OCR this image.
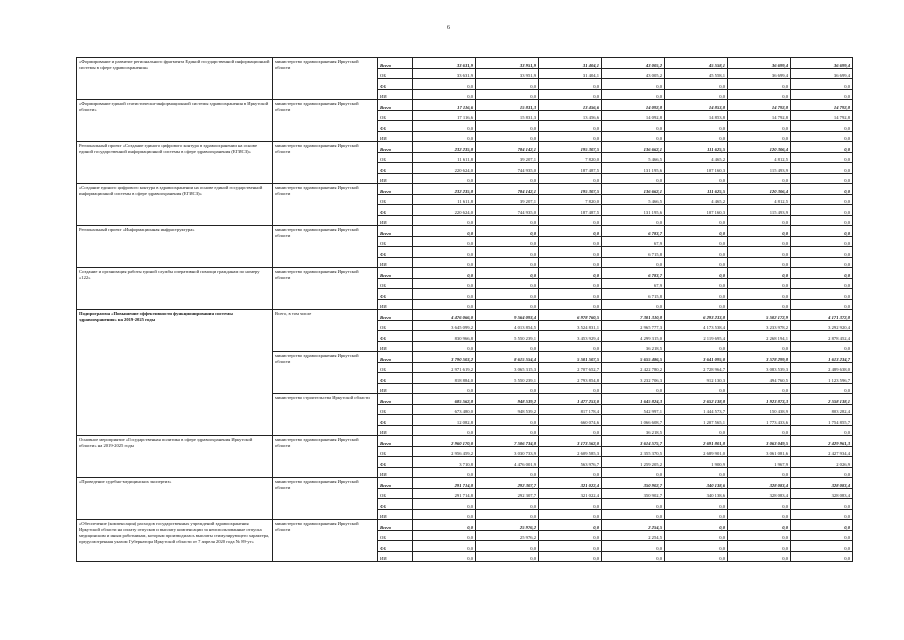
6
«Формирование и развитие регионального фрагмента Единой государственной информационной системы в сфере здравоохранения»	министерство здравоохранения Иркутской области	Всего	33 631,9	33 951,9	31 404,1	43 005,2	45 558,1	36 699,4	36 699,4
		ОБ	33 631,9	33 951,9	31 404,1	43 005,2	45 558,1	36 699,4	36 699,4
		ФБ	0,0	0,0	0,0	0,0	0,0	0,0	0,0
		ИИ	0,0	0,0	0,0	0,0	0,0	0,0	0,0
«Формирование единой статистически-информационной системы здравоохранения в Иркутской области»	министерство здравоохранения Иркутской области	Всего	17 116,6	15 831,3	13 456,6	14 092,8	14 853,8	14 792,8	14 792,8
		ОБ	17 116,6	15 831,3	13 456,6	14 092,8	14 853,8	14 792,8	14 792,8
		ФБ	0,0	0,0	0,0	0,0	0,0	0,0	0,0
		ИИ	0,0	0,0	0,0	0,0	0,0	0,0	0,0
Региональный проект «Создание единого цифрового контура в здравоохранении на основе единой государственной информационной системы в сфере здравоохранения (ЕГИСЗ)»	министерство здравоохранения Иркутской области	Всего	232 235,8	784 142,1	195 307,5	136 662,1	111 625,5	120 306,4	0,0
		ОБ	11 611,8	39 207,1	7 820,0	5 466,5	4 465,2	4 812,5	0,0
		ФБ	220 624,0	744 935,0	187 487,5	131 195,6	107 160,3	115 493,9	0,0
		ИИ	0,0	0,0	0,0	0,0	0,0	0,0	0,0
«Создание единого цифрового контура в здравоохранении на основе единой государственной информационной системы в сфере здравоохранения (ЕГИСЗ)»	министерство здравоохранения Иркутской области	Всего	232 235,8	784 142,1	195 307,5	136 662,1	111 625,5	120 306,4	0,0
		ОБ	11 611,8	39 207,1	7 820,0	5 466,5	4 465,2	4 812,5	0,0
		ФБ	220 624,0	744 935,0	187 487,5	131 195,6	107 160,3	115 493,9	0,0
		ИИ	0,0	0,0	0,0	0,0	0,0	0,0	0,0
Региональный проект «Информационная инфраструктура»	министерство здравоохранения Иркутской области	Всего	0,0	0,0	0,0	6 783,7	0,0	0,0	0,0
		ОБ	0,0	0,0	0,0	67,9	0,0	0,0	0,0
		ФБ	0,0	0,0	0,0	6 715,8	0,0	0,0	0,0
		ИИ	0,0	0,0	0,0	0,0	0,0	0,0	0,0
Создание и организация работы единой службы оперативной помощи гражданам по номеру «122»	министерство здравоохранения Иркутской области	Всего	0,0	0,0	0,0	6 783,7	0,0	0,0	0,0
		ОБ	0,0	0,0	0,0	67,9	0,0	0,0	0,0
		ФБ	0,0	0,0	0,0	6 715,8	0,0	0,0	0,0
		ИИ	0,0	0,0	0,0	0,0	0,0	0,0	0,0
Подпрограмма «Повышение эффективности функционирования системы здравоохранения» на 2019-2025 годы	Всего, в том числе	Всего	4 476 066,0	9 564 093,4	6 978 760,5	7 301 310,8	6 293 233,8	5 502 172,9	4 171 372,8
		ОБ	3 645 099,2	4 013 854,5	3 524 831,1	2 965 777,3	4 173 538,4	3 233 978,2	3 292 920,4
		ФБ	830 966,8	5 550 239,1	3 453 929,4	4 299 315,0	2 119 695,4	2 268 194,1	2 878 452,4
		ИИ	0,0	0,0	0,0	36 218,5	0,0	0,0	0,0
	министерство здравоохранения Иркутской области	Всего	3 790 503,2	8 615 554,4	5 501 507,5	5 655 486,5	3 641 095,0	3 578 299,8	1 613 234,7
		ОБ	2 971 619,2	3 065 315,3	2 707 652,7	2 422 780,2	2 728 964,7	3 083 539,3	2 489 638,0
		ФБ	818 884,0	5 550 239,1	2 793 854,8	3 232 706,3	912 130,3	494 760,5	1 123 596,7
		ИИ	0,0	0,0	0,0	0,0	0,0	0,0	0,0
	министерство строительства Иркутской области	Всего	685 562,8	948 539,2	1 477 253,0	1 645 824,3	2 652 138,8	1 923 873,3	2 558 138,1
		ОБ	673 480,0	948 539,2	817 178,4	542 997,1	1 444 573,7	150 438,9	803 282,4
		ФБ	12 082,8	0,0	660 074,6	1 066 608,7	1 207 565,1	1 773 433,6	1 754 855,7
		ИИ	0,0	0,0	0,0	36 218,5	0,0	0,0	0,0
Основное мероприятие «Государственная политика в сфере здравоохранения Иркутской области» на 2019-2025 годы	министерство здравоохранения Иркутской области	Всего	2 960 170,0	7 506 734,8	3 173 562,0	3 614 575,7	2 691 801,8	3 063 049,5	2 429 961,3
		ОБ	2 956 459,2	3 030 733,9	2 609 585,3	2 355 370,5	2 689 901,0	3 061 081,6	2 427 934,4
		ФБ	3 710,8	4 476 001,9	563 976,7	1 259 205,2	1 900,9	1 967,9	2 026,9
		ИИ	0,0	0,0	0,0	0,0	0,0	0,0	0,0
«Проведение судебно-медицинских экспертиз»	министерство здравоохранения Иркутской области	Всего	291 714,8	292 307,7	321 022,4	350 902,7	340 138,6	328 083,4	328 083,4
		ОБ	291 714,8	292 307,7	321 022,4	350 902,7	340 138,6	328 083,4	328 083,4
		ФБ	0,0	0,0	0,0	0,0	0,0	0,0	0,0
		ИИ	0,0	0,0	0,0	0,0	0,0	0,0	0,0
«Обеспечение (компенсация) расходов государственных учреждений здравоохранения Иркутской области на оплату отпусков и выплату компенсации за неиспользованные отпуска медицинским и иным работникам, которым производилась выплаты стимулирующего характера, предусмотренная указом Губернатора Иркутской области от 7 апреля 2020 года № 89-уг»	министерство здравоохранения Иркутской области	Всего	0,0	25 976,2	0,0	2 254,5	0,0	0,0	0,0
		ОБ	0,0	25 976,2	0,0	2 254,5	0,0	0,0	0,0
		ФБ	0,0	0,0	0,0	0,0	0,0	0,0	0,0
		ИИ	0,0	0,0	0,0	0,0	0,0	0,0	0,0
